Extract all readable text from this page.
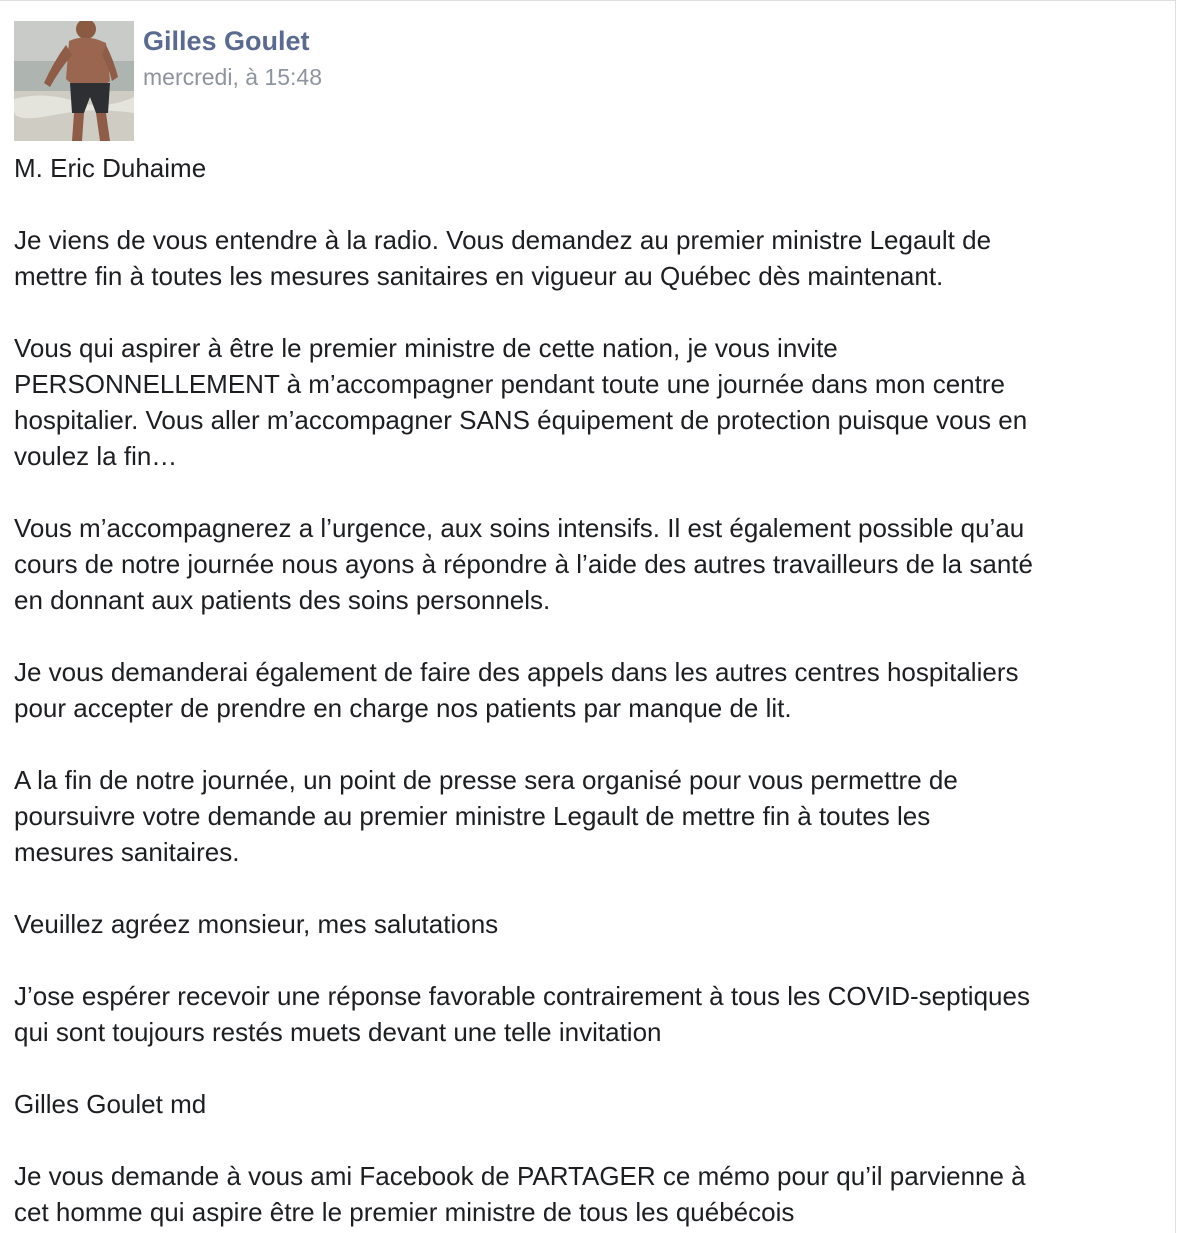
Gilles Goulet
mercredi, à 15:48

M. Eric Duhaime

Je viens de vous entendre à la radio. Vous demandez au premier ministre Legault de
mettre fin à toutes les mesures sanitaires en vigueur au Québec dès maintenant.

Vous qui aspirer à être le premier ministre de cette nation, je vous invite
PERSONNELLEMENT à m’accompagner pendant toute une journée dans mon centre
hospitalier. Vous aller m’accompagner SANS équipement de protection puisque vous en
voulez la fin…

Vous m’accompagnerez a l’urgence, aux soins intensifs. Il est également possible qu’au
cours de notre journée nous ayons à répondre à l’aide des autres travailleurs de la santé
en donnant aux patients des soins personnels.

Je vous demanderai également de faire des appels dans les autres centres hospitaliers
pour accepter de prendre en charge nos patients par manque de lit.

A la fin de notre journée, un point de presse sera organisé pour vous permettre de
poursuivre votre demande au premier ministre Legault de mettre fin à toutes les
mesures sanitaires.

Veuillez agréez monsieur, mes salutations

J’ose espérer recevoir une réponse favorable contrairement à tous les COVID-septiques
qui sont toujours restés muets devant une telle invitation

Gilles Goulet md

Je vous demande à vous ami Facebook de PARTAGER ce mémo pour qu’il parvienne à
cet homme qui aspire être le premier ministre de tous les québécois
